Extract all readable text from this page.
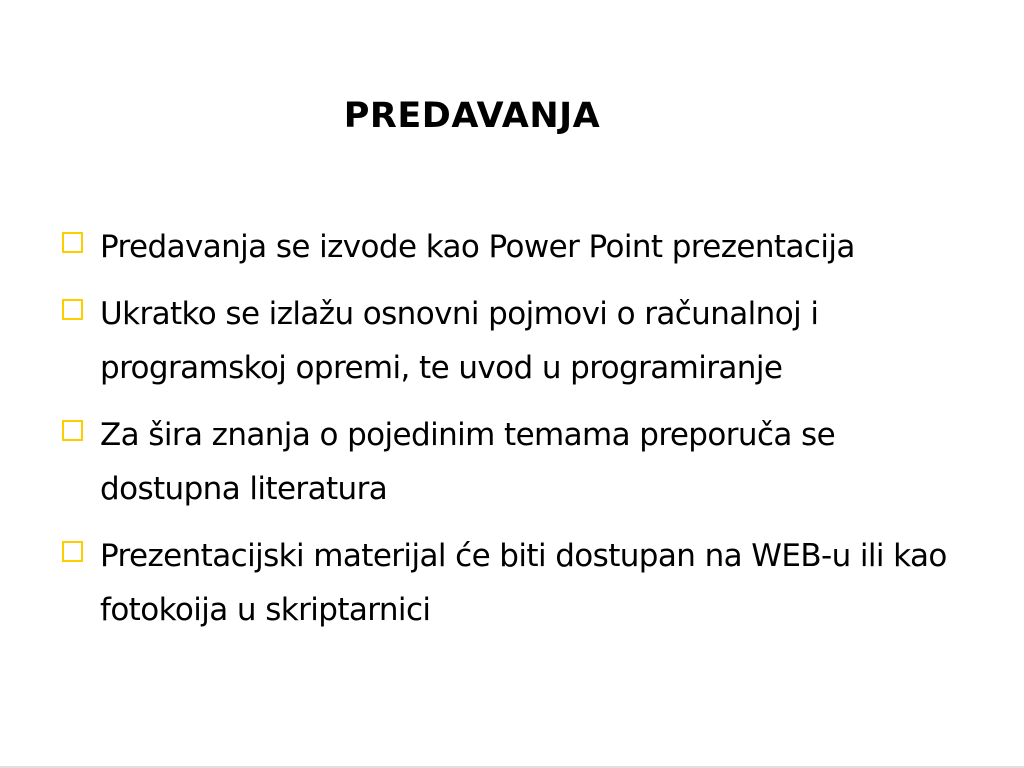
PREDAVANJA
Predavanja se izvode kao Power Point prezentacija
Ukratko se izlažu osnovni pojmovi o računalnoj i programskoj opremi, te uvod u programiranje
Za šira znanja o pojedinim temama preporuča se dostupna literatura
Prezentacijski materijal će biti dostupan na WEB-u ili kao fotokoija u skriptarnici
